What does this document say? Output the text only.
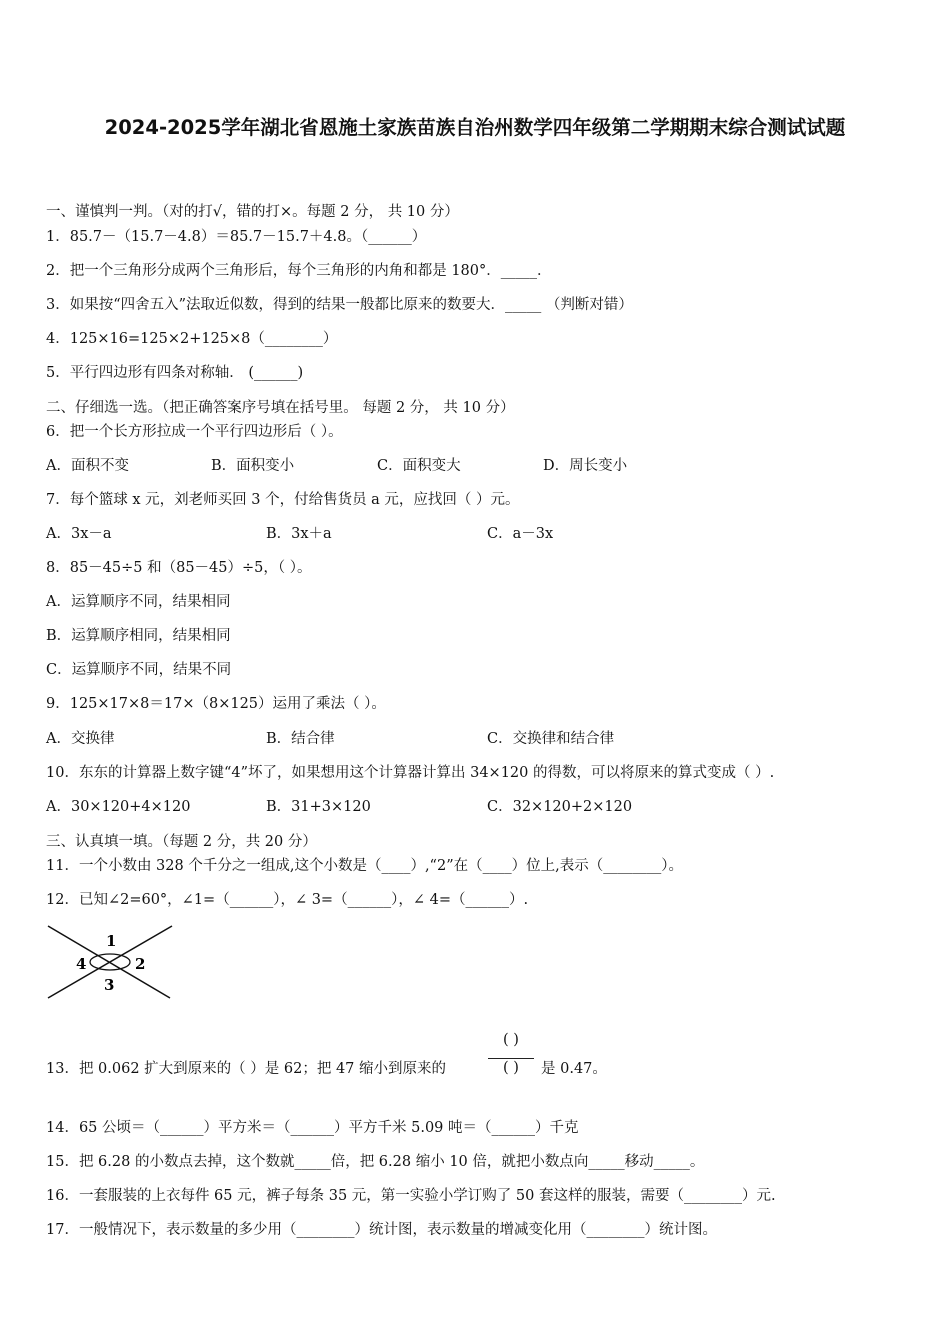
2024-2025学年湖北省恩施土家族苗族自治州数学四年级第二学期期末综合测试试题
一、谨慎判一判。（对的打√，错的打×。每题 2 分， 共 10 分）
1．85.7－（15.7－4.8）＝85.7－15.7＋4.8。（______）
2．把一个三角形分成两个三角形后，每个三角形的内角和都是 180°．_____．
3．如果按“四舍五入”法取近似数，得到的结果一般都比原来的数要大．_____ （判断对错）
4．125×16=125×2+125×8（________）
5．平行四边形有四条对称轴． (______)
二、仔细选一选。（把正确答案序号填在括号里。 每题 2 分， 共 10 分）
6．把一个长方形拉成一个平行四边形后（ ）。
A．面积不变	B．面积变小	C．面积变大	D．周长变小
7．每个篮球 x 元，刘老师买回 3 个，付给售货员 a 元，应找回（ ）元。
A．3x－a	B．3x＋a	C．a－3x
8．85－45÷5 和（85－45）÷5，（ ）。
A．运算顺序不同，结果相同
B．运算顺序相同，结果相同
C．运算顺序不同，结果不同
9．125×17×8＝17×（8×125）运用了乘法（ ）。
A．交换律	B．结合律	C．交换律和结合律
10．东东的计算器上数字键“4”坏了，如果想用这个计算器计算出 34×120 的得数，可以将原来的算式变成（ ）.
A．30×120+4×120	B．31+3×120	C．32×120+2×120
三、认真填一填。（每题 2 分，共 20 分）
11．一个小数由 328 个千分之一组成,这个小数是（____）,“2”在（____）位上,表示（________）。
12．已知∠2=60°，∠1=（______），∠ 3=（______），∠ 4=（______）.
1
2
3
4
13．把 0.062 扩大到原来的（ ）是 62；把 47 缩小到原来的
( )
( )	是 0.47。
14．65 公顷＝（______）平方米＝（______）平方千米 5.09 吨＝（______）千克
15．把 6.28 的小数点去掉，这个数就_____倍，把 6.28 缩小 10 倍，就把小数点向_____移动_____。
16．一套服装的上衣每件 65 元，裤子每条 35 元，第一实验小学订购了 50 套这样的服装，需要（________）元.
17．一般情况下，表示数量的多少用（________）统计图，表示数量的增减变化用（________）统计图。
